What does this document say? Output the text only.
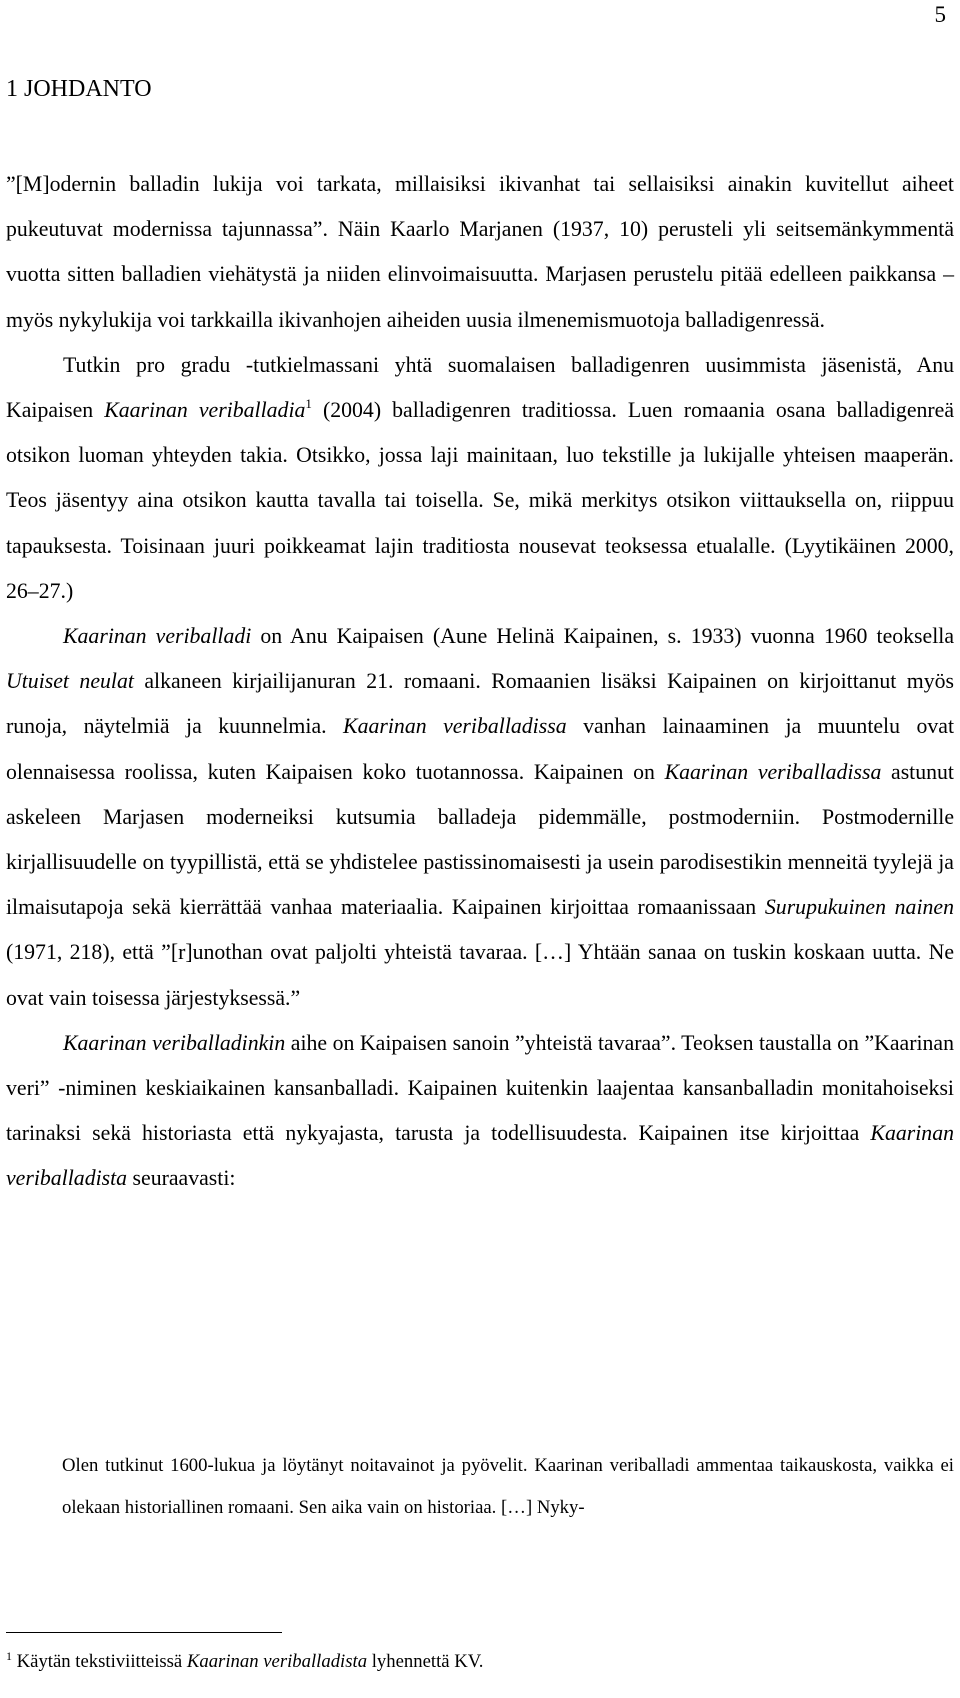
5
1 JOHDANTO

”[M]odernin balladin lukija voi tarkata, millaisiksi ikivanhat tai sellaisiksi ainakin kuvitellut aiheet pukeutuvat modernissa tajunnassa”. Näin Kaarlo Marjanen (1937, 10) perusteli yli seitsemänkymmentä vuotta sitten balladien viehätystä ja niiden elinvoimaisuutta. Marjasen perustelu pitää edelleen paikkansa – myös nykylukija voi tarkkailla ikivanhojen aiheiden uusia ilmenemismuotoja balladigenressä.

Tutkin pro gradu -tutkielmassani yhtä suomalaisen balladigenren uusimmista jäsenistä, Anu Kaipaisen Kaarinan veriballadia$^1$ (2004) balladigenren traditiossa. Luen romaania osana balladigenreä otsikon luoman yhteyden takia. Otsikko, jossa laji mainitaan, luo tekstille ja lukijalle yhteisen maaperän. Teos jäsentyy aina otsikon kautta tavalla tai toisella. Se, mikä merkitys otsikon viittauksella on, riippuu tapauksesta. Toisinaan juuri poikkeamat lajin traditiosta nousevat teoksessa etualalle. (Lyytikäinen 2000, 26–27.)

Kaarinan veriballadi on Anu Kaipaisen (Aune Helinä Kaipainen, s. 1933) vuonna 1960 teoksella Utuiset neulat alkaneen kirjailijanuran 21. romaani. Romaanien lisäksi Kaipainen on kirjoittanut myös runoja, näytelmiä ja kuunnelmia. Kaarinan veriballadissa vanhan lainaaminen ja muuntelu ovat olennaisessa roolissa, kuten Kaipaisen koko tuotannossa. Kaipainen on Kaarinan veriballadissa astunut askeleen Marjasen moderneiksi kutsumia balladeja pidemmälle, postmoderniin. Postmodernille kirjallisuudelle on tyypillistä, että se yhdistelee pastissinomaisesti ja usein parodisestikin menneitä tyylejä ja ilmaisutapoja sekä kierrättää vanhaa materiaalia. Kaipainen kirjoittaa romaanissaan Surupukuinen nainen (1971, 218), että ”[r]unothan ovat paljolti yhteistä tavaraa. […] Yhtään sanaa on tuskin koskaan uutta. Ne ovat vain toisessa järjestyksessä.”

Kaarinan veriballadinkin aihe on Kaipaisen sanoin ”yhteistä tavaraa”. Teoksen taustalla on ”Kaarinan veri” -niminen keskiaikainen kansanballadi. Kaipainen kuitenkin laajentaa kansanballadin monitahoiseksi tarinaksi sekä historiasta että nykyajasta, tarusta ja todellisuudesta. Kaipainen itse kirjoittaa Kaarinan veriballadista seuraavasti:

Olen tutkinut 1600-lukua ja löytänyt noitavainot ja pyövelit. Kaarinan veriballadi ammentaa taikauskosta, vaikka ei olekaan historiallinen romaani. Sen aika vain on historiaa. […] Nyky-

$^1$ Käytän tekstiviitteissä Kaarinan veriballadista lyhennettä KV.
